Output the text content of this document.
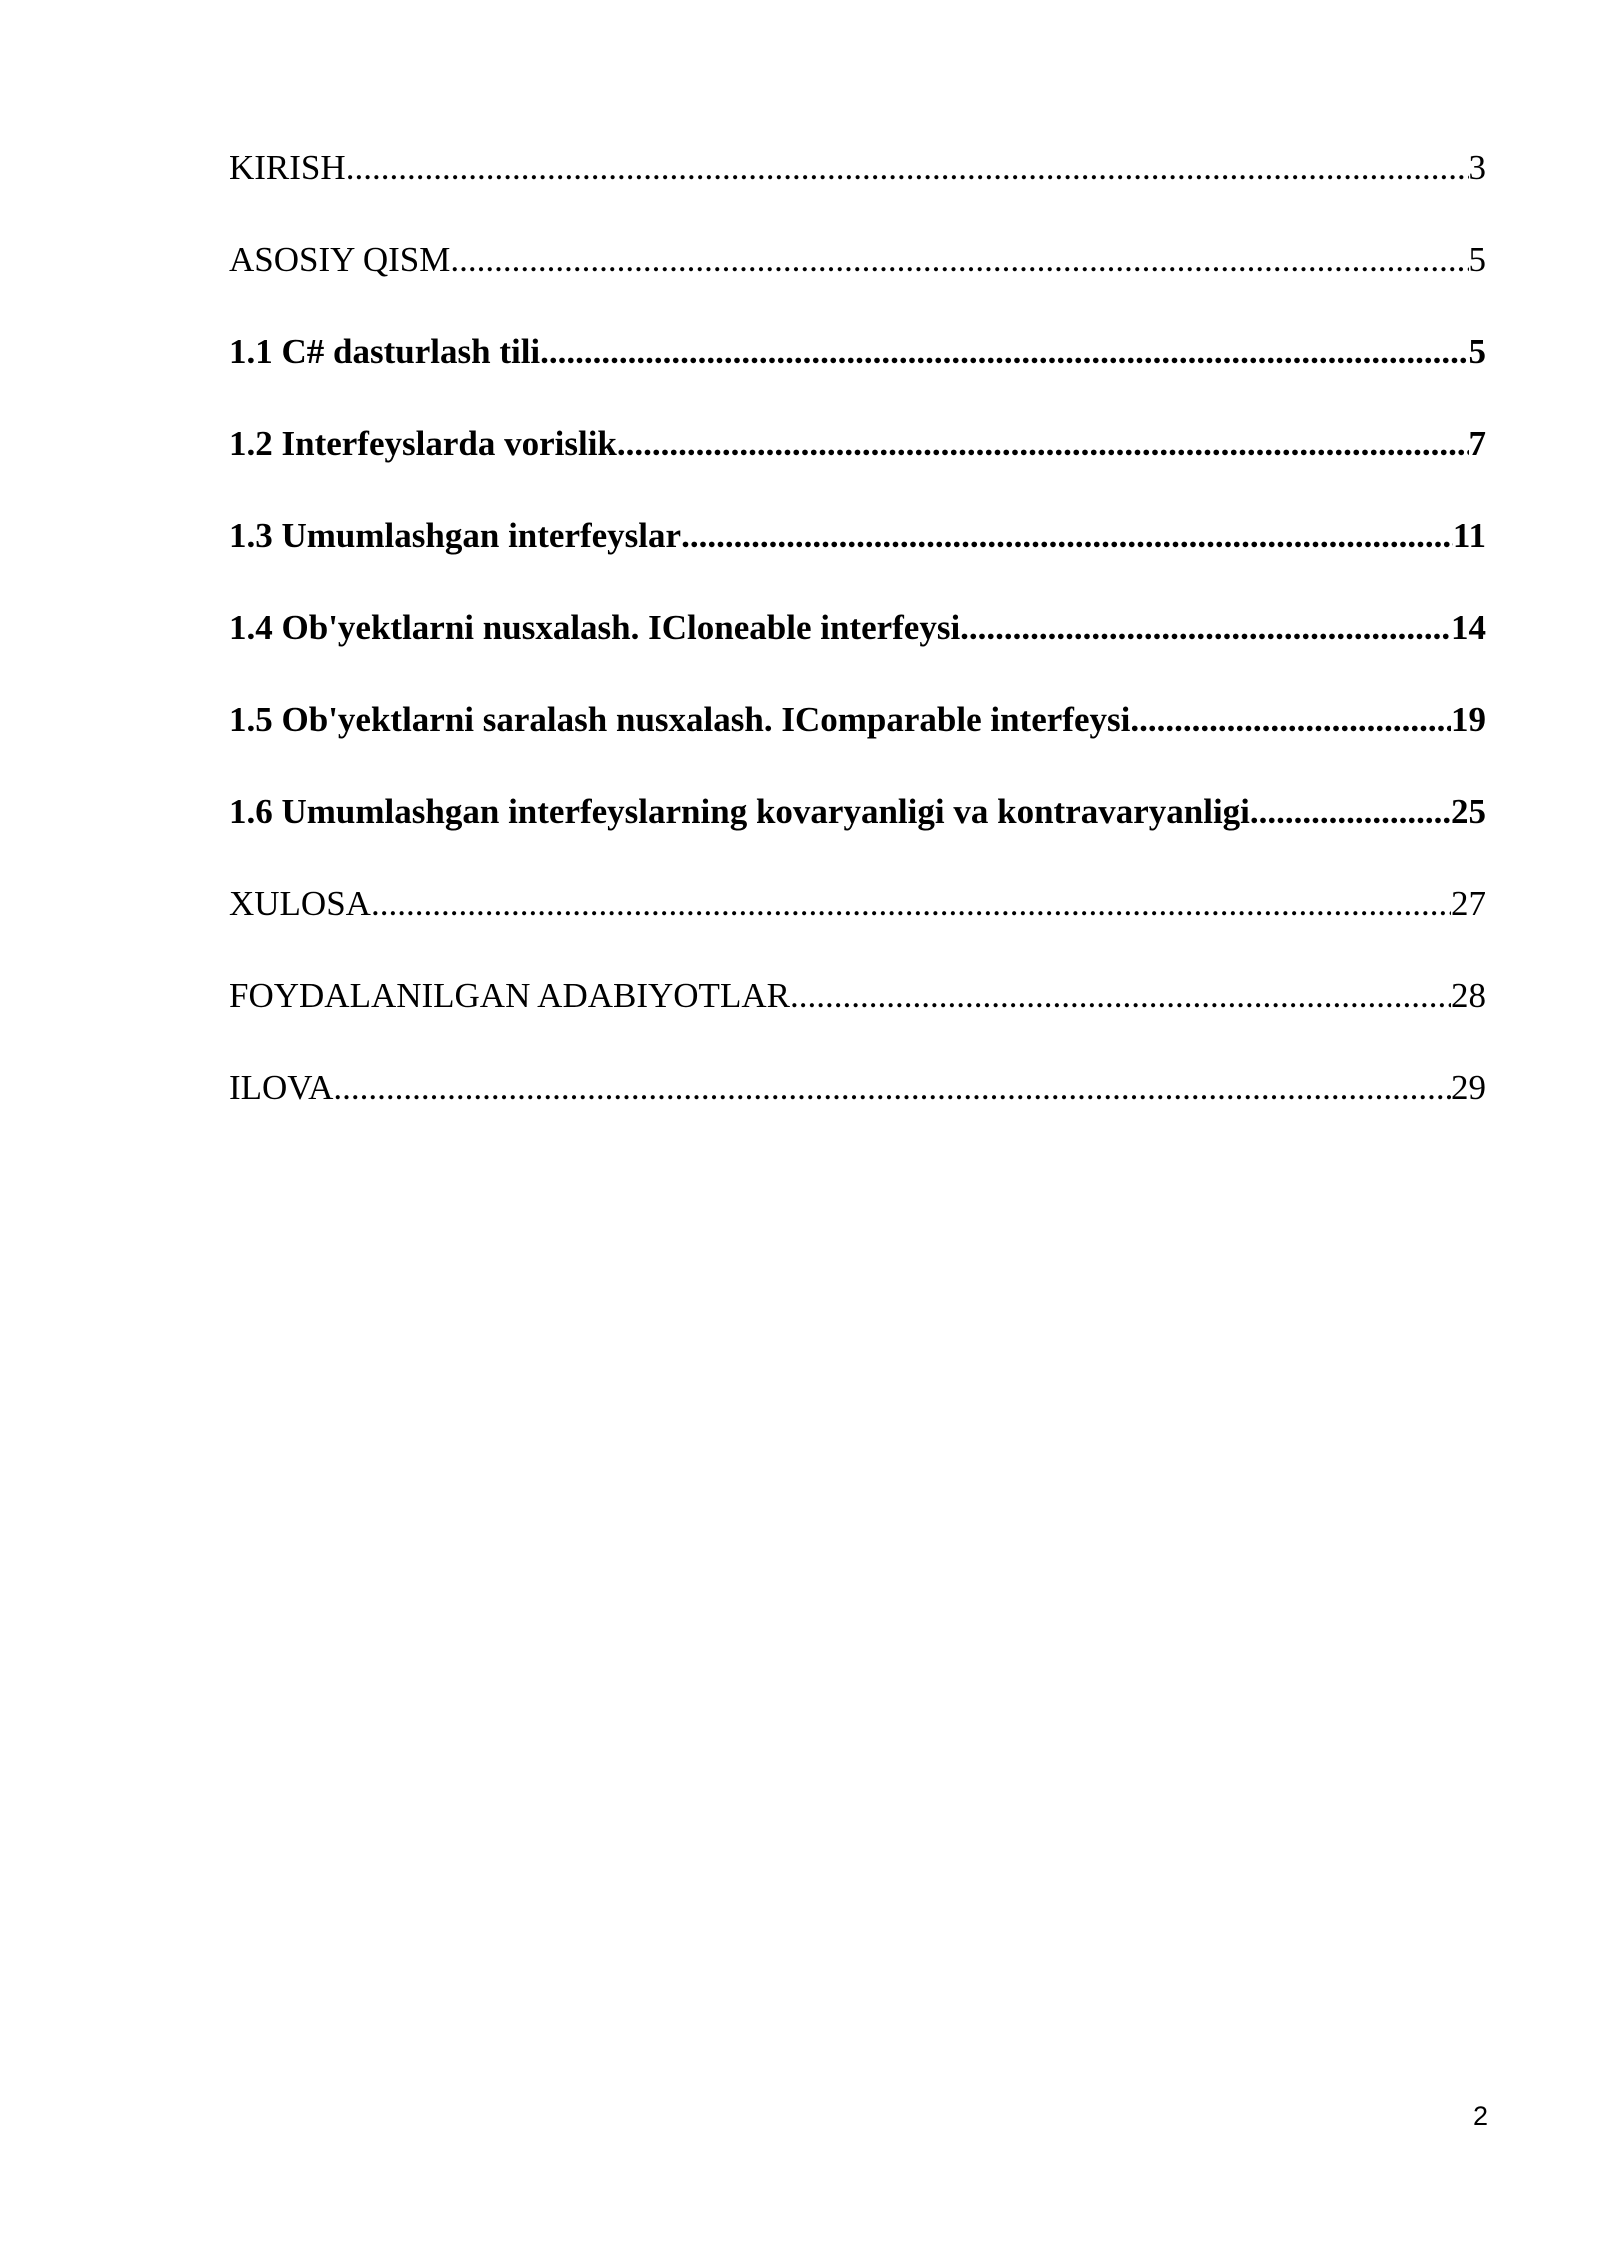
KIRISH .....	3
ASOSIY QISM .....	5
1.1 C# dasturlash tili .....	5
1.2 Interfeyslarda vorislik .....	7
1.3 Umumlashgan interfeyslar .....	11
1.4 Ob'yektlarni nusxalash. ICloneable interfeysi .....	14
1.5 Ob'yektlarni saralash nusxalash. IComparable interfeysi .....	19
1.6 Umumlashgan interfeyslarning kovaryanligi va kontravaryanligi .....	25
XULOSA .....	27
FOYDALANILGAN ADABIYOTLAR .....	28
ILOVA .....	29
2
